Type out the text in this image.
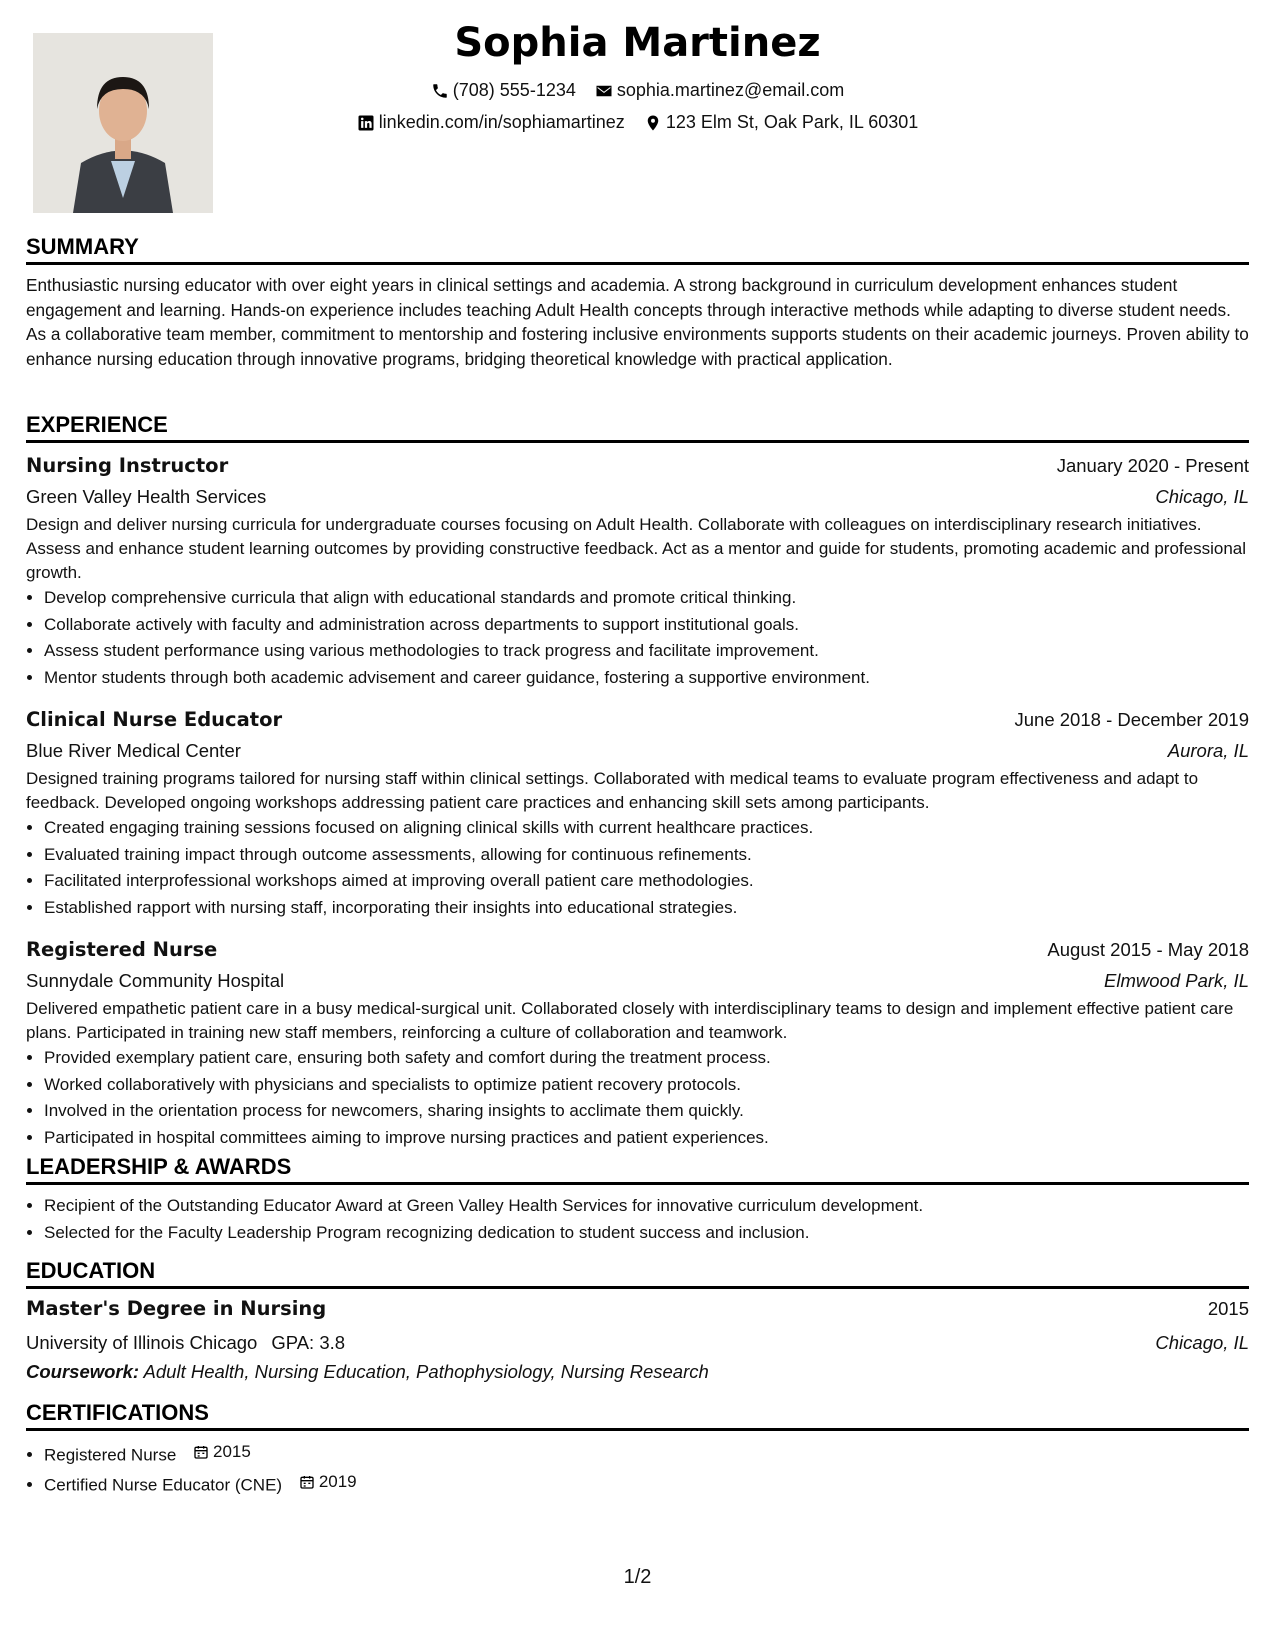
Sophia Martinez
(708) 555-1234
sophia.martinez@email.com
linkedin.com/in/sophiamartinez
123 Elm St, Oak Park, IL 60301
SUMMARY

Enthusiastic nursing educator with over eight years in clinical settings and academia. A strong background in curriculum development enhances student engagement and learning. Hands-on experience includes teaching Adult Health concepts through interactive methods while adapting to diverse student needs. As a collaborative team member, commitment to mentorship and fostering inclusive environments supports students on their academic journeys. Proven ability to enhance nursing education through innovative programs, bridging theoretical knowledge with practical application.

EXPERIENCE
Nursing Instructor	January 2020 - Present
Green Valley Health Services	Chicago, IL

Design and deliver nursing curricula for undergraduate courses focusing on Adult Health. Collaborate with colleagues on interdisciplinary research initiatives. Assess and enhance student learning outcomes by providing constructive feedback. Act as a mentor and guide for students, promoting academic and professional growth.

• Develop comprehensive curricula that align with educational standards and promote critical thinking.
• Collaborate actively with faculty and administration across departments to support institutional goals.
• Assess student performance using various methodologies to track progress and facilitate improvement.
• Mentor students through both academic advisement and career guidance, fostering a supportive environment.
Clinical Nurse Educator	June 2018 - December 2019
Blue River Medical Center	Aurora, IL

Designed training programs tailored for nursing staff within clinical settings. Collaborated with medical teams to evaluate program effectiveness and adapt to feedback. Developed ongoing workshops addressing patient care practices and enhancing skill sets among participants.

• Created engaging training sessions focused on aligning clinical skills with current healthcare practices.
• Evaluated training impact through outcome assessments, allowing for continuous refinements.
• Facilitated interprofessional workshops aimed at improving overall patient care methodologies.
• Established rapport with nursing staff, incorporating their insights into educational strategies.
Registered Nurse	August 2015 - May 2018
Sunnydale Community Hospital	Elmwood Park, IL

Delivered empathetic patient care in a busy medical-surgical unit. Collaborated closely with interdisciplinary teams to design and implement effective patient care plans. Participated in training new staff members, reinforcing a culture of collaboration and teamwork.

• Provided exemplary patient care, ensuring both safety and comfort during the treatment process.
• Worked collaboratively with physicians and specialists to optimize patient recovery protocols.
• Involved in the orientation process for newcomers, sharing insights to acclimate them quickly.
• Participated in hospital committees aiming to improve nursing practices and patient experiences.
LEADERSHIP & AWARDS
• Recipient of the Outstanding Educator Award at Green Valley Health Services for innovative curriculum development.
• Selected for the Faculty Leadership Program recognizing dedication to student success and inclusion.
EDUCATION
Master's Degree in Nursing	2015
University of Illinois Chicago GPA: 3.8	Chicago, IL
Coursework: Adult Health, Nursing Education, Pathophysiology, Nursing Research
CERTIFICATIONS
• Registered Nurse 2015
• Certified Nurse Educator (CNE) 2019
1/2
